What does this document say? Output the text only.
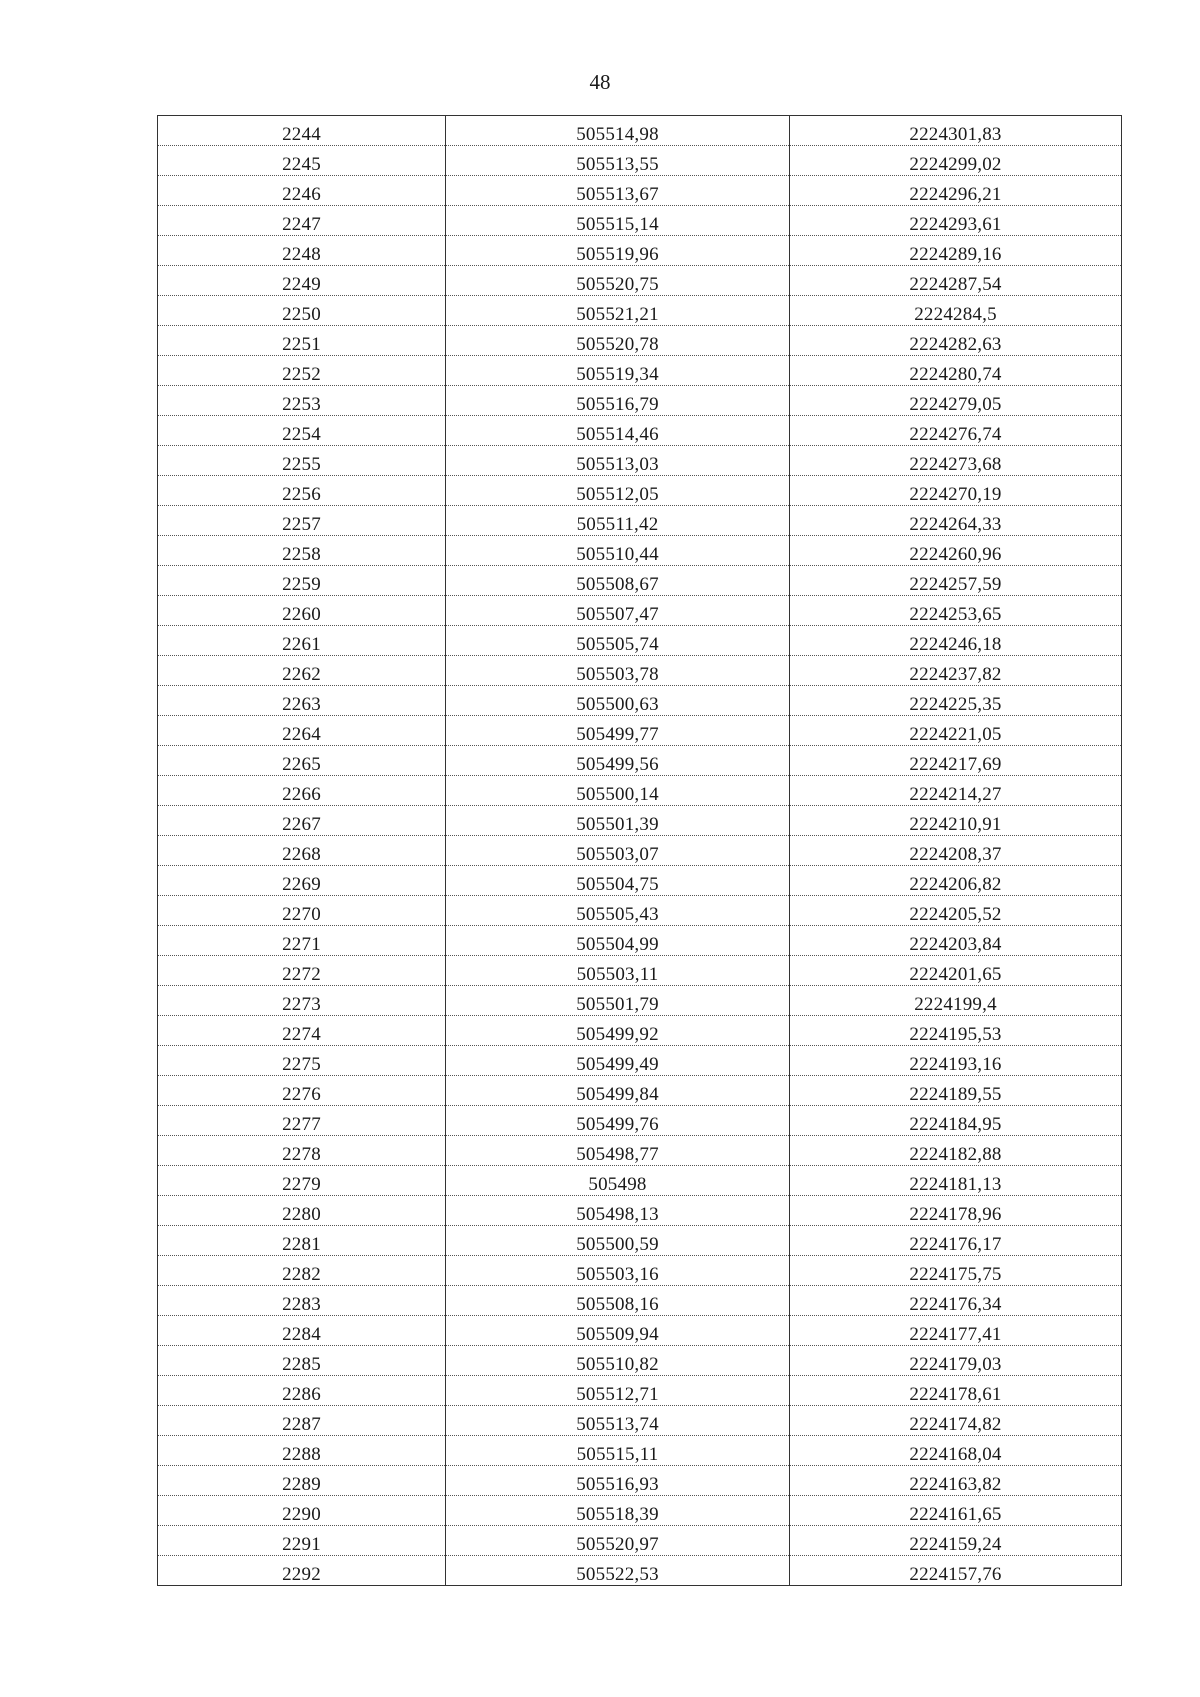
48
2244	505514,98	2224301,83
2245	505513,55	2224299,02
2246	505513,67	2224296,21
2247	505515,14	2224293,61
2248	505519,96	2224289,16
2249	505520,75	2224287,54
2250	505521,21	2224284,5
2251	505520,78	2224282,63
2252	505519,34	2224280,74
2253	505516,79	2224279,05
2254	505514,46	2224276,74
2255	505513,03	2224273,68
2256	505512,05	2224270,19
2257	505511,42	2224264,33
2258	505510,44	2224260,96
2259	505508,67	2224257,59
2260	505507,47	2224253,65
2261	505505,74	2224246,18
2262	505503,78	2224237,82
2263	505500,63	2224225,35
2264	505499,77	2224221,05
2265	505499,56	2224217,69
2266	505500,14	2224214,27
2267	505501,39	2224210,91
2268	505503,07	2224208,37
2269	505504,75	2224206,82
2270	505505,43	2224205,52
2271	505504,99	2224203,84
2272	505503,11	2224201,65
2273	505501,79	2224199,4
2274	505499,92	2224195,53
2275	505499,49	2224193,16
2276	505499,84	2224189,55
2277	505499,76	2224184,95
2278	505498,77	2224182,88
2279	505498	2224181,13
2280	505498,13	2224178,96
2281	505500,59	2224176,17
2282	505503,16	2224175,75
2283	505508,16	2224176,34
2284	505509,94	2224177,41
2285	505510,82	2224179,03
2286	505512,71	2224178,61
2287	505513,74	2224174,82
2288	505515,11	2224168,04
2289	505516,93	2224163,82
2290	505518,39	2224161,65
2291	505520,97	2224159,24
2292	505522,53	2224157,76
